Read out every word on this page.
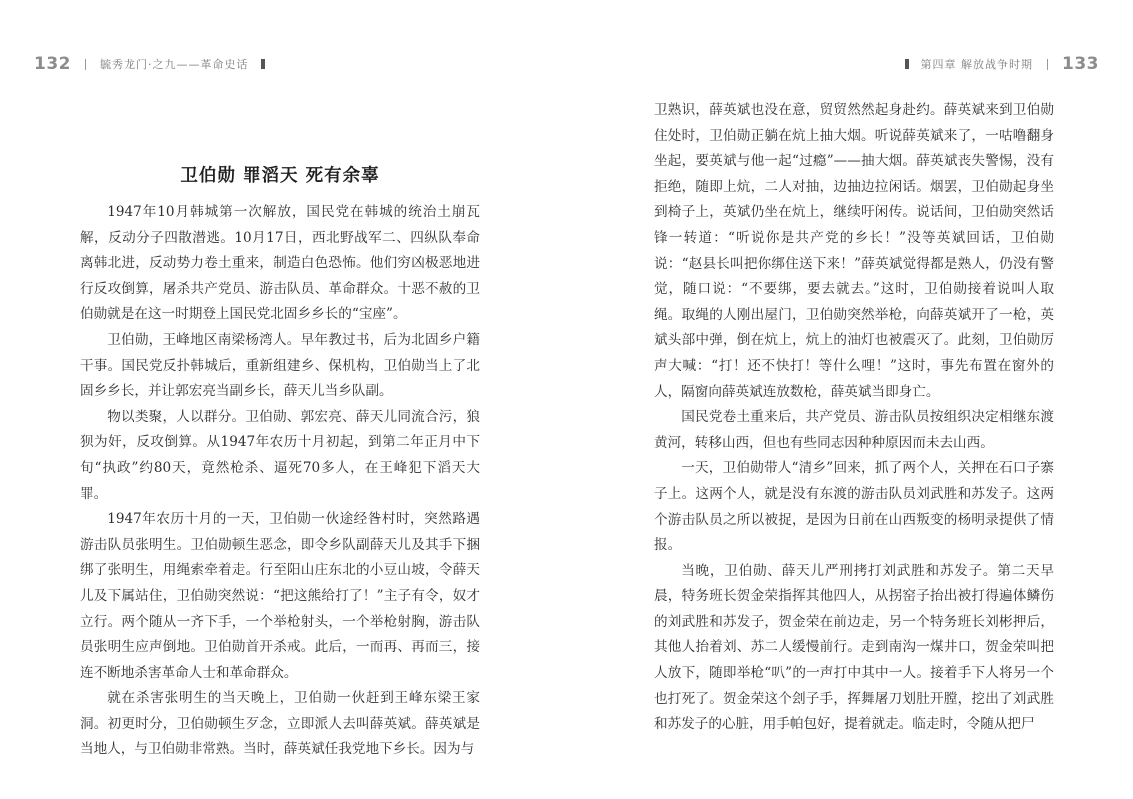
132	毓秀龙门·之九——革命史话
卫伯勋 罪滔天 死有余辜

1947年10月韩城第一次解放，国民党在韩城的统治土崩瓦解，反动分子四散潜逃。10月17日，西北野战军二、四纵队奉命离韩北进，反动势力卷土重来，制造白色恐怖。他们穷凶极恶地进行反攻倒算，屠杀共产党员、游击队员、革命群众。十恶不赦的卫伯勋就是在这一时期登上国民党北固乡乡长的“宝座”。

卫伯勋，王峰地区南梁杨湾人。早年教过书，后为北固乡户籍干事。国民党反扑韩城后，重新组建乡、保机构，卫伯勋当上了北固乡乡长，并让郭宏亮当副乡长，薛天儿当乡队副。

物以类聚，人以群分。卫伯勋、郭宏亮、薛天儿同流合污，狼狈为奸，反攻倒算。从1947年农历十月初起，到第二年正月中下旬“执政”约80天，竟然枪杀、逼死70多人，在王峰犯下滔天大罪。

1947年农历十月的一天，卫伯勋一伙途经昝村时，突然路遇游击队员张明生。卫伯勋顿生恶念，即令乡队副薛天儿及其手下捆绑了张明生，用绳索牵着走。行至阳山庄东北的小豆山坡，令薛天儿及下属站住，卫伯勋突然说：“把这熊给打了！”主子有令，奴才立行。两个随从一齐下手，一个举枪射头，一个举枪射胸，游击队员张明生应声倒地。卫伯勋首开杀戒。此后，一而再、再而三，接连不断地杀害革命人士和革命群众。

就在杀害张明生的当天晚上，卫伯勋一伙赶到王峰东梁王家洞。初更时分，卫伯勋顿生歹念，立即派人去叫薛英斌。薛英斌是当地人，与卫伯勋非常熟。当时，薛英斌任我党地下乡长。因为与

第四章 解放战争时期 133

卫熟识，薛英斌也没在意，贸贸然然起身赴约。薛英斌来到卫伯勋住处时，卫伯勋正躺在炕上抽大烟。听说薛英斌来了，一咕噜翻身坐起，要英斌与他一起“过瘾”——抽大烟。薛英斌丧失警惕，没有拒绝，随即上炕，二人对抽，边抽边拉闲话。烟罢，卫伯勋起身坐到椅子上，英斌仍坐在炕上，继续吁闲传。说话间，卫伯勋突然话锋一转道：“听说你是共产党的乡长！”没等英斌回话，卫伯勋说：“赵县长叫把你绑住送下来！”薛英斌觉得都是熟人，仍没有警觉，随口说：“不要绑，要去就去。”这时，卫伯勋接着说叫人取绳。取绳的人刚出屋门，卫伯勋突然举枪，向薛英斌开了一枪，英斌头部中弹，倒在炕上，炕上的油灯也被震灭了。此刻，卫伯勋厉声大喊：“打！还不快打！等什么哩！”这时，事先布置在窗外的人，隔窗向薛英斌连放数枪，薛英斌当即身亡。

国民党卷土重来后，共产党员、游击队员按组织决定相继东渡黄河，转移山西，但也有些同志因种种原因而未去山西。

一天，卫伯勋带人“清乡”回来，抓了两个人，关押在石口子寨子上。这两个人，就是没有东渡的游击队员刘武胜和苏发子。这两个游击队员之所以被捉，是因为日前在山西叛变的杨明录提供了情报。

当晚，卫伯勋、薛天儿严刑拷打刘武胜和苏发子。第二天早晨，特务班长贺金荣指挥其他四人，从拐窑子抬出被打得遍体鳞伤的刘武胜和苏发子，贺金荣在前边走，另一个特务班长刘彬押后，其他人抬着刘、苏二人缓慢前行。走到南沟一煤井口，贺金荣叫把人放下，随即举枪“叭”的一声打中其中一人。接着手下人将另一个也打死了。贺金荣这个刽子手，挥舞屠刀划肚开膛，挖出了刘武胜和苏发子的心脏，用手帕包好，提着就走。临走时，令随从把尸
